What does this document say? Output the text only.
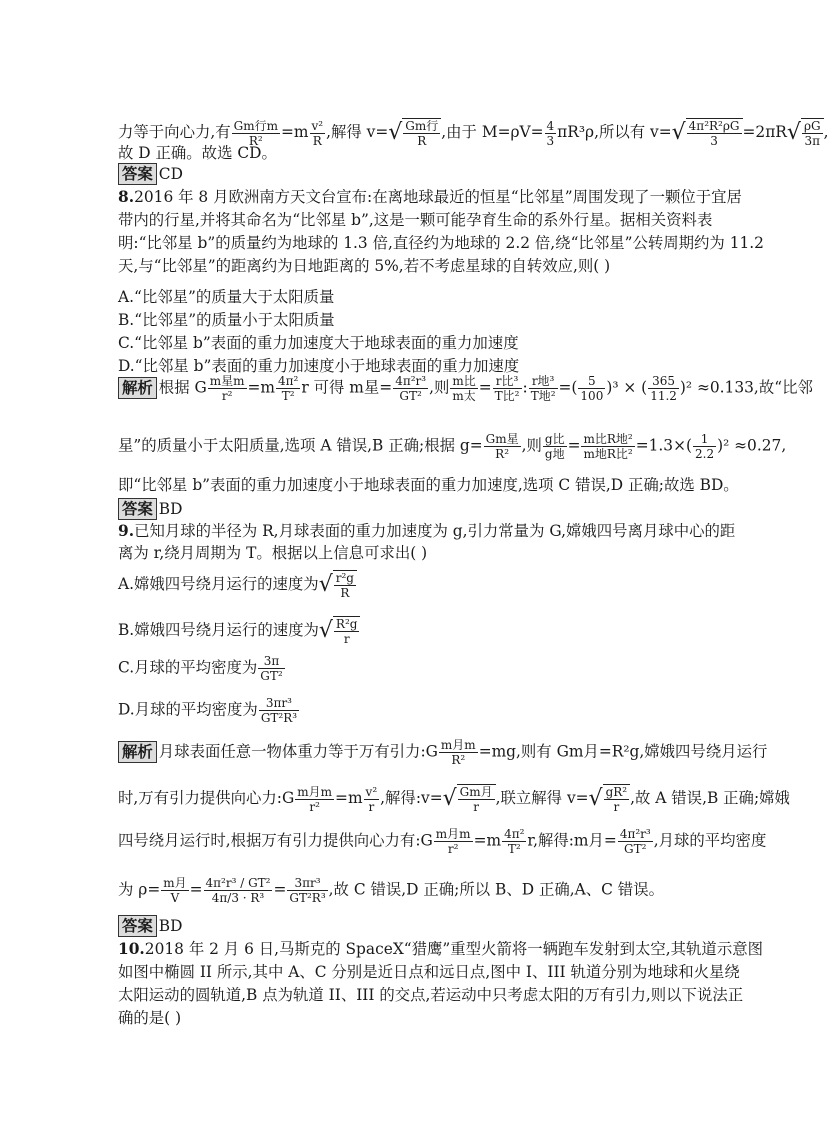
力等于向心力,有 $\frac{\text{Gm行m}}{\text{R²}} =m \frac{\text{v²}}{R}$ ,解得 $v=√ \frac{\text{Gm行}}{R}$ ,由于 $M=\rho V= \frac{4}{3} \pi R^3\rho$,所以有 $v=√ \frac{\text{4π²R²ρG}}{3} =2\pi R√ \frac{\rho G}{3\pi}$ ,
故 D 正确。故选 CD。
答案 CD
8.2016 年 8 月欧洲南方天文台宣布:在离地球最近的恒星“比邻星”周围发现了一颗位于宜居
带内的行星,并将其命名为“比邻星 b”,这是一颗可能孕育生命的系外行星。据相关资料表
明:“比邻星 b”的质量约为地球的 1.3 倍,直径约为地球的 2.2 倍,绕“比邻星”公转周期约为 11.2
天,与“比邻星”的距离约为日地距离的 5%,若不考虑星球的自转效应,则( )
A.“比邻星”的质量大于太阳质量
B.“比邻星”的质量小于太阳质量
C.“比邻星 b”表面的重力加速度大于地球表面的重力加速度
D.“比邻星 b”表面的重力加速度小于地球表面的重力加速度
解析 根据 G $\frac{\text{m星m}}{\text{r²}} =m \frac{\text{4π²}}{\text{T²}}$ r 可得 m星= $\frac{\text{4π²r³}}{\text{GT²}}$ ,则 $\frac{\text{m比}}{\text{m太}} = \frac{\text{r比³}}{\text{T比²}}$ : $\frac{\text{r地³}}{\text{T地²}}$ =( $\frac{5}{100} )^3$ × ( $\frac{365}{11.2} )^2 \approx 0.133$,故“比邻
星”的质量小于太阳质量,选项 A 错误,B 正确;根据 $g= \frac{\text{Gm星}}{\text{R²}}$ ,则 $\frac{\text{g比}}{\text{g地}} = \frac{\text{m比R地²}}{\text{m地R比²}} =1.3\times( \frac{1}{2.2} )^2 \approx 0.27$,
即“比邻星 b”表面的重力加速度小于地球表面的重力加速度,选项 C 错误,D 正确;故选 BD。
答案 BD
9.已知月球的半径为 R,月球表面的重力加速度为 g,引力常量为 G,嫦娥四号离月球中心的距
离为 r,绕月周期为 T。根据以上信息可求出( )
A.嫦娥四号绕月运行的速度为√ $\frac{\text{r²g}}{R}$
B.嫦娥四号绕月运行的速度为√ $\frac{\text{R²g}}{r}$
C.月球的平均密度为 $\frac{3\pi}{\text{GT²}}$
D.月球的平均密度为 $\frac{\text{3πr³}}{\text{GT²R³}}$
解析 月球表面任意一物体重力等于万有引力:G $\frac{\text{m月m}}{\text{R²}} =mg$,则有 Gm月=R²g,嫦娥四号绕月运行
时,万有引力提供向心力:G $\frac{\text{m月m}}{\text{r²}} =m \frac{\text{v²}}{r}$ ,解得:v=√ $\frac{\text{Gm月}}{r}$ ,联立解得 $v=√ \frac{\text{gR²}}{r}$ ,故 A 错误,B 正确;嫦娥
四号绕月运行时,根据万有引力提供向心力有:G $\frac{\text{m月m}}{\text{r²}} =m \frac{\text{4π²}}{\text{T²}} r$,解得:m月= $\frac{\text{4π²r³}}{\text{GT²}}$ ,月球的平均密度
为 $\rho= \frac{\text{m月}}{V} = \frac{\text{4π²r³ / GT²}}{\text{4π/3 · R³}} = \frac{\text{3πr³}}{\text{GT²R³}}$ ,故 C 错误,D 正确;所以 B、D 正确,A、C 错误。
答案 BD
10.2018 年 2 月 6 日,马斯克的 SpaceX“猎鹰”重型火箭将一辆跑车发射到太空,其轨道示意图
如图中椭圆 II 所示,其中 A、C 分别是近日点和远日点,图中 I、III 轨道分别为地球和火星绕
太阳运动的圆轨道,B 点为轨道 II、III 的交点,若运动中只考虑太阳的万有引力,则以下说法正
确的是( )
